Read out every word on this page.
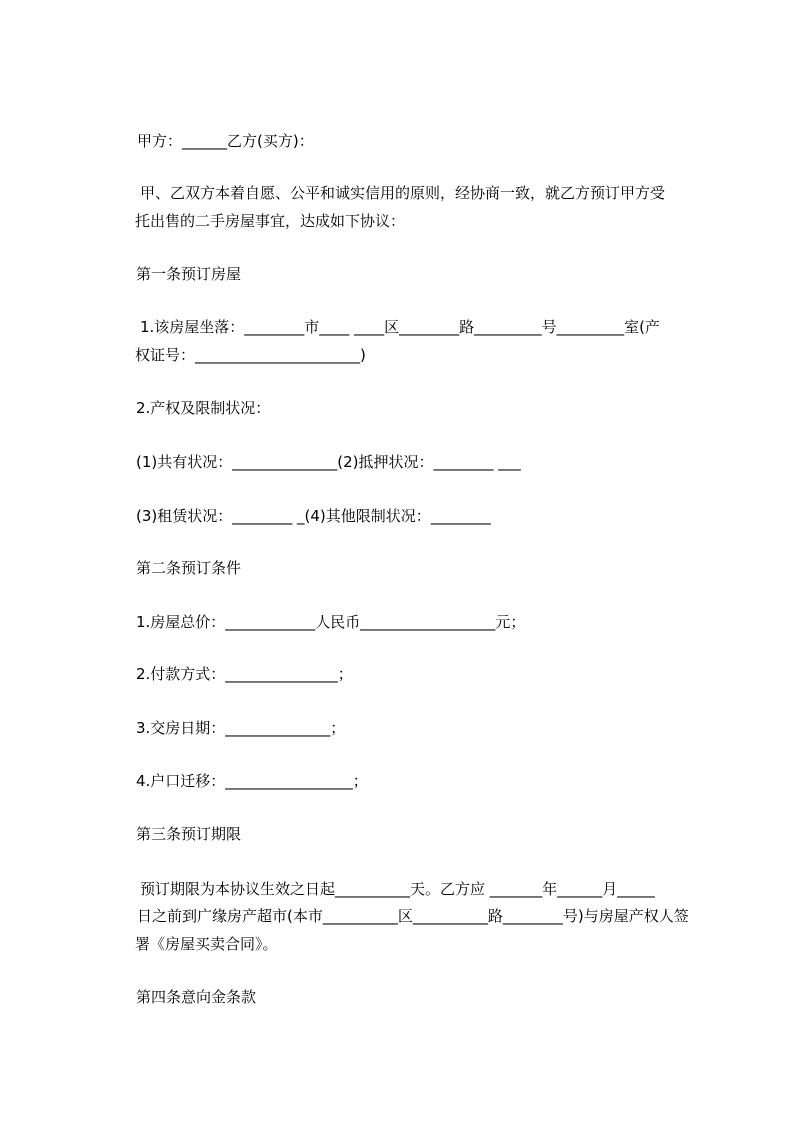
甲方：______乙方(买方)：
甲、乙双方本着自愿、公平和诚实信用的原则，经协商一致，就乙方预订甲方受
托出售的二手房屋事宜，达成如下协议：
第一条预订房屋
1.该房屋坐落：________市____ ____区________路_________号_________室(产
权证号：______________________)
2.产权及限制状况：
(1)共有状况：______________(2)抵押状况：________ ___
(3)租赁状况：________ _(4)其他限制状况：________
第二条预订条件
1.房屋总价：____________人民币__________________元；
2.付款方式：_______________；
3.交房日期：______________；
4.户口迁移：_________________；
第三条预订期限
预订期限为本协议生效之日起__________天。乙方应 _______年______月_____
日之前到广缘房产超市(本市__________区__________路________号)与房屋产权人签
署《房屋买卖合同》。
第四条意向金条款
